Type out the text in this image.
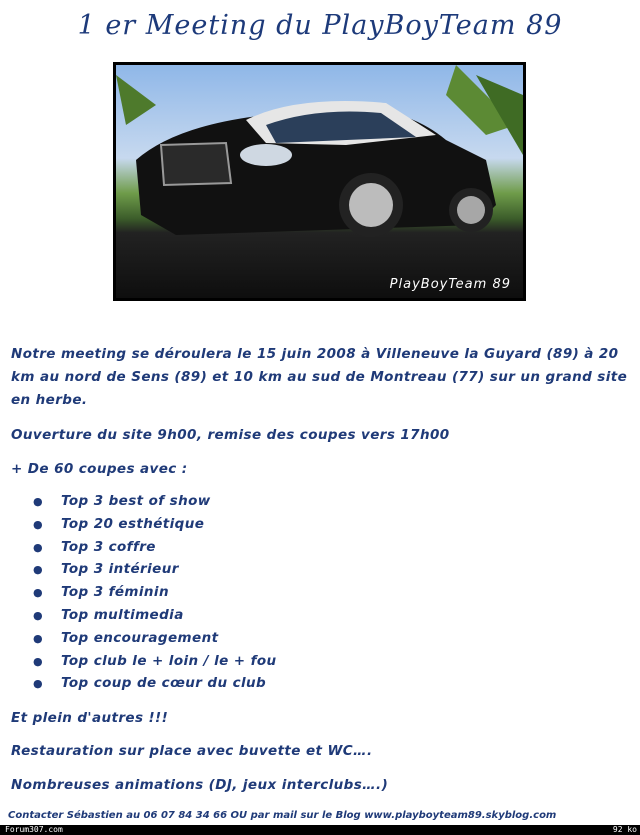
1 er Meeting du PlayBoyTeam 89
PlayBoyTeam 89

Notre meeting se déroulera le 15 juin 2008 à Villeneuve la Guyard (89) à 20 km au nord de Sens (89) et 10 km au sud de Montreau (77) sur un grand site en herbe.

Ouverture du site 9h00, remise des coupes vers 17h00

+ De 60 coupes avec :

● Top 3 best of show
● Top 20 esthétique
● Top 3 coffre
● Top 3 intérieur
● Top 3 féminin
● Top multimedia
● Top encouragement
● Top club le + loin / le + fou
● Top coup de cœur du club

Et plein d'autres !!!

Restauration sur place avec buvette et WC….

Nombreuses animations (DJ, jeux interclubs….)

Contacter Sébastien au 06 07 84 34 66 OU par mail sur le Blog www.playboyteam89.skyblog.com
Forum307.com	92 ko
